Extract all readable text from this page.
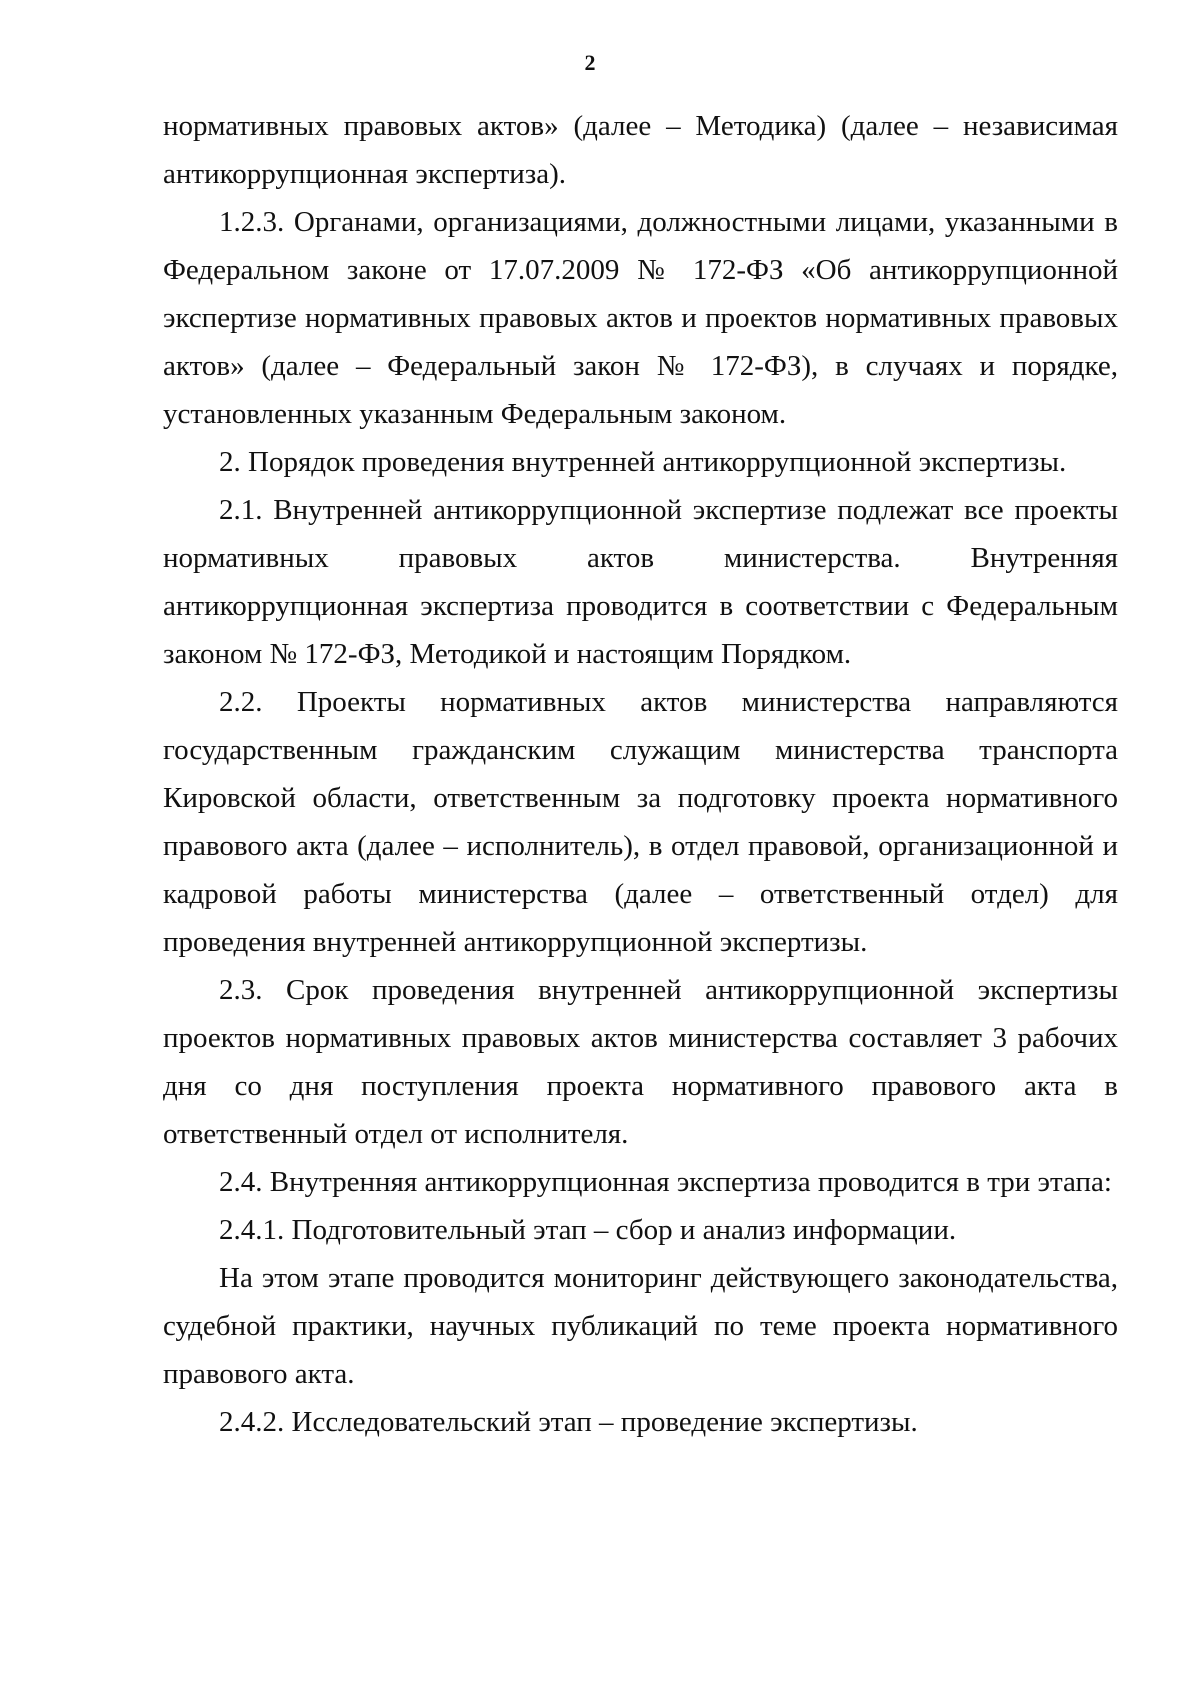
2

нормативных правовых актов» (далее – Методика) (далее – независимая антикоррупционная экспертиза).

1.2.3. Органами, организациями, должностными лицами, указанными в Федеральном законе от 17.07.2009 № 172-ФЗ «Об антикоррупционной экспертизе нормативных правовых актов и проектов нормативных правовых актов» (далее – Федеральный закон № 172-ФЗ), в случаях и порядке, установленных указанным Федеральным законом.

2. Порядок проведения внутренней антикоррупционной экспертизы.

2.1. Внутренней антикоррупционной экспертизе подлежат все проекты нормативных правовых актов министерства. Внутренняя антикоррупционная экспертиза проводится в соответствии с Федеральным законом № 172-ФЗ, Методикой и настоящим Порядком.

2.2. Проекты нормативных актов министерства направляются государственным гражданским служащим министерства транспорта Кировской области, ответственным за подготовку проекта нормативного правового акта (далее – исполнитель), в отдел правовой, организационной и кадровой работы министерства (далее – ответственный отдел) для проведения внутренней антикоррупционной экспертизы.

2.3. Срок проведения внутренней антикоррупционной экспертизы проектов нормативных правовых актов министерства составляет 3 рабочих дня со дня поступления проекта нормативного правового акта в ответственный отдел от исполнителя.

2.4. Внутренняя антикоррупционная экспертиза проводится в три этапа:

2.4.1. Подготовительный этап – сбор и анализ информации.

На этом этапе проводится мониторинг действующего законодательства, судебной практики, научных публикаций по теме проекта нормативного правового акта.

2.4.2. Исследовательский этап – проведение экспертизы.
